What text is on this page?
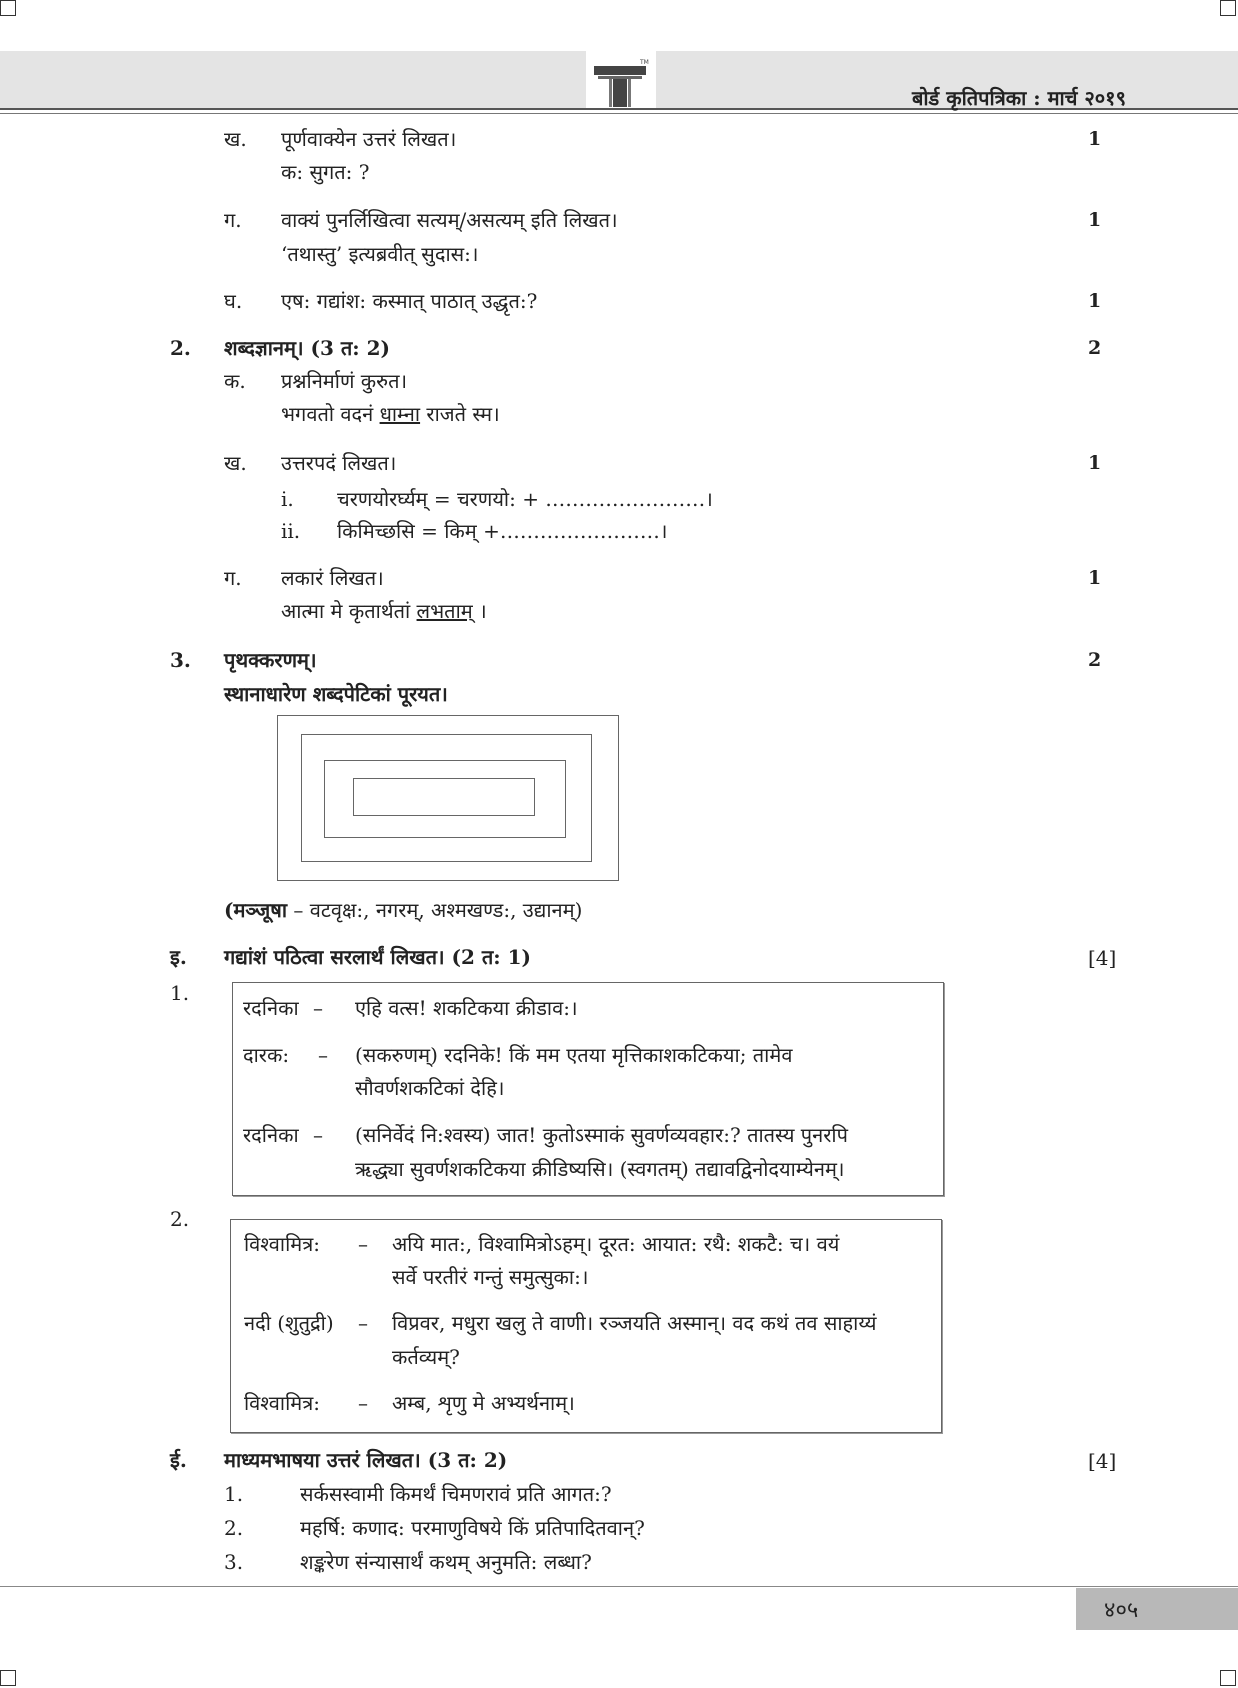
TM
बोर्ड कृतिपत्रिका : मार्च २०१९
ख. पूर्णवाक्येन उत्तरं लिखत।	1
क: सुगत: ?
ग. वाक्यं पुनर्लिखित्वा सत्यम्/असत्यम् इति लिखत।	1
‘तथास्तु’ इत्यब्रवीत् सुदास:।
घ. एष: गद्यांश: कस्मात् पाठात् उद्धृत:?	1
2. शब्दज्ञानम्। (3 त: 2)	2
क. प्रश्ननिर्माणं कुरुत।
भगवतो वदनं धाम्ना राजते स्म।
ख. उत्तरपदं लिखत।	1
i. चरणयोरर्घ्यम् = चरणयो: + ……………………।
ii. किमिच्छसि = किम् +……………………।
ग. लकारं लिखत।	1
आत्मा मे कृतार्थतां लभताम् ।
3. पृथक्करणम्।	2
स्थानाधारेण शब्दपेटिकां पूरयत।
(मञ्जूषा – वटवृक्ष:, नगरम्, अश्मखण्ड:, उद्यानम्)
इ. गद्यांशं पठित्वा सरलार्थं लिखत। (2 त: 1)	[4]
1.
रदनिका – एहि वत्स! शकटिकया क्रीडाव:।
दारक: – (सकरुणम्) रदनिके! किं मम एतया मृत्तिकाशकटिकया; तामेव
सौवर्णशकटिकां देहि।
रदनिका – (सनिर्वेदं नि:श्वस्य) जात! कुतोऽस्माकं सुवर्णव्यवहार:? तातस्य पुनरपि
ऋद्ध्या सुवर्णशकटिकया क्रीडिष्यसि। (स्वगतम्) तद्यावद्विनोदयाम्येनम्।
2.
विश्वामित्र: – अयि मात:, विश्वामित्रोऽहम्। दूरत: आयात: रथै: शकटै: च। वयं
सर्वे परतीरं गन्तुं समुत्सुका:।
नदी (शुतुद्री) – विप्रवर, मधुरा खलु ते वाणी। रञ्जयति अस्मान्। वद कथं तव साहाय्यं
कर्तव्यम्?
विश्वामित्र: – अम्ब, शृणु मे अभ्यर्थनाम्।
ई. माध्यमभाषया उत्तरं लिखत। (3 त: 2)	[4]
1.	सर्कसस्वामी किमर्थं चिमणरावं प्रति आगत:?
2.	महर्षि: कणाद: परमाणुविषये किं प्रतिपादितवान्?
3.	शङ्करेण संन्यासार्थं कथम् अनुमति: लब्धा?
४०५
